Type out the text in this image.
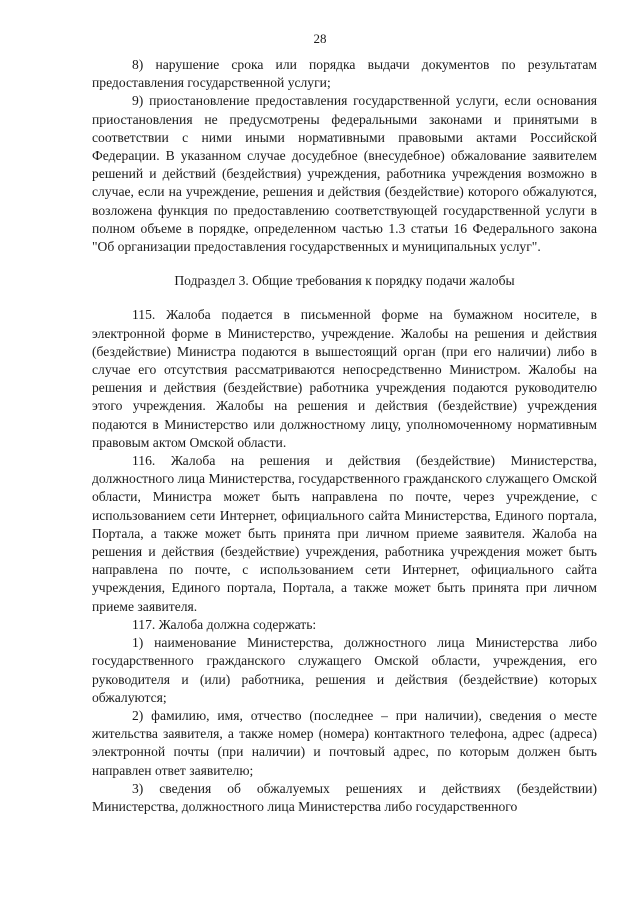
28

8) нарушение срока или порядка выдачи документов по результатам предоставления государственной услуги;

9) приостановление предоставления государственной услуги, если основания приостановления не предусмотрены федеральными законами и принятыми в соответствии с ними иными нормативными правовыми актами Российской Федерации. В указанном случае досудебное (внесудебное) обжалование заявителем решений и действий (бездействия) учреждения, работника учреждения возможно в случае, если на учреждение, решения и действия (бездействие) которого обжалуются, возложена функция по предоставлению соответствующей государственной услуги в полном объеме в порядке, определенном частью 1.3 статьи 16 Федерального закона "Об организации предоставления государственных и муниципальных услуг".

Подраздел 3. Общие требования к порядку подачи жалобы

115. Жалоба подается в письменной форме на бумажном носителе, в электронной форме в Министерство, учреждение. Жалобы на решения и действия (бездействие) Министра подаются в вышестоящий орган (при его наличии) либо в случае его отсутствия рассматриваются непосредственно Министром. Жалобы на решения и действия (бездействие) работника учреждения подаются руководителю этого учреждения. Жалобы на решения и действия (бездействие) учреждения подаются в Министерство или должностному лицу, уполномоченному нормативным правовым актом Омской области.

116. Жалоба на решения и действия (бездействие) Министерства, должностного лица Министерства, государственного гражданского служащего Омской области, Министра может быть направлена по почте, через учреждение, с использованием сети Интернет, официального сайта Министерства, Единого портала, Портала, а также может быть принята при личном приеме заявителя. Жалоба на решения и действия (бездействие) учреждения, работника учреждения может быть направлена по почте, с использованием сети Интернет, официального сайта учреждения, Единого портала, Портала, а также может быть принята при личном приеме заявителя.

117. Жалоба должна содержать:

1) наименование Министерства, должностного лица Министерства либо государственного гражданского служащего Омской области, учреждения, его руководителя и (или) работника, решения и действия (бездействие) которых обжалуются;

2) фамилию, имя, отчество (последнее – при наличии), сведения о месте жительства заявителя, а также номер (номера) контактного телефона, адрес (адреса) электронной почты (при наличии) и почтовый адрес, по которым должен быть направлен ответ заявителю;

3) сведения об обжалуемых решениях и действиях (бездействии) Министерства, должностного лица Министерства либо государственного
